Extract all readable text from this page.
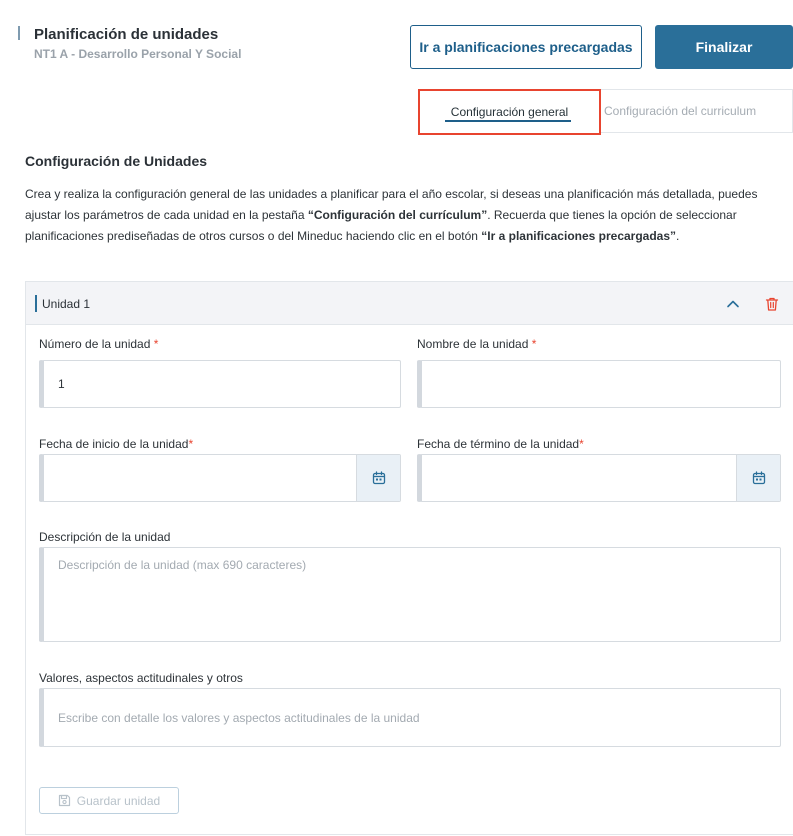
Planificación de unidades
NT1 A - Desarrollo Personal Y Social	Ir a planificaciones precargadas	Finalizar
Configuración general	Configuración del curriculum
Configuración de Unidades
Crea y realiza la configuración general de las unidades a planificar para el año escolar, si deseas una planificación más detallada, puedes ajustar los parámetros de cada unidad en la pestaña “Configuración del currículum”. Recuerda que tienes la opción de seleccionar planificaciones prediseñadas de otros cursos o del Mineduc haciendo clic en el botón “Ir a planificaciones precargadas”.
Unidad 1
Número de la unidad *
1
Nombre de la unidad *
Fecha de inicio de la unidad*	Fecha de término de la unidad*
Descripción de la unidad
Descripción de la unidad (max 690 caracteres)
Valores, aspectos actitudinales y otros
Escribe con detalle los valores y aspectos actitudinales de la unidad
Guardar unidad
